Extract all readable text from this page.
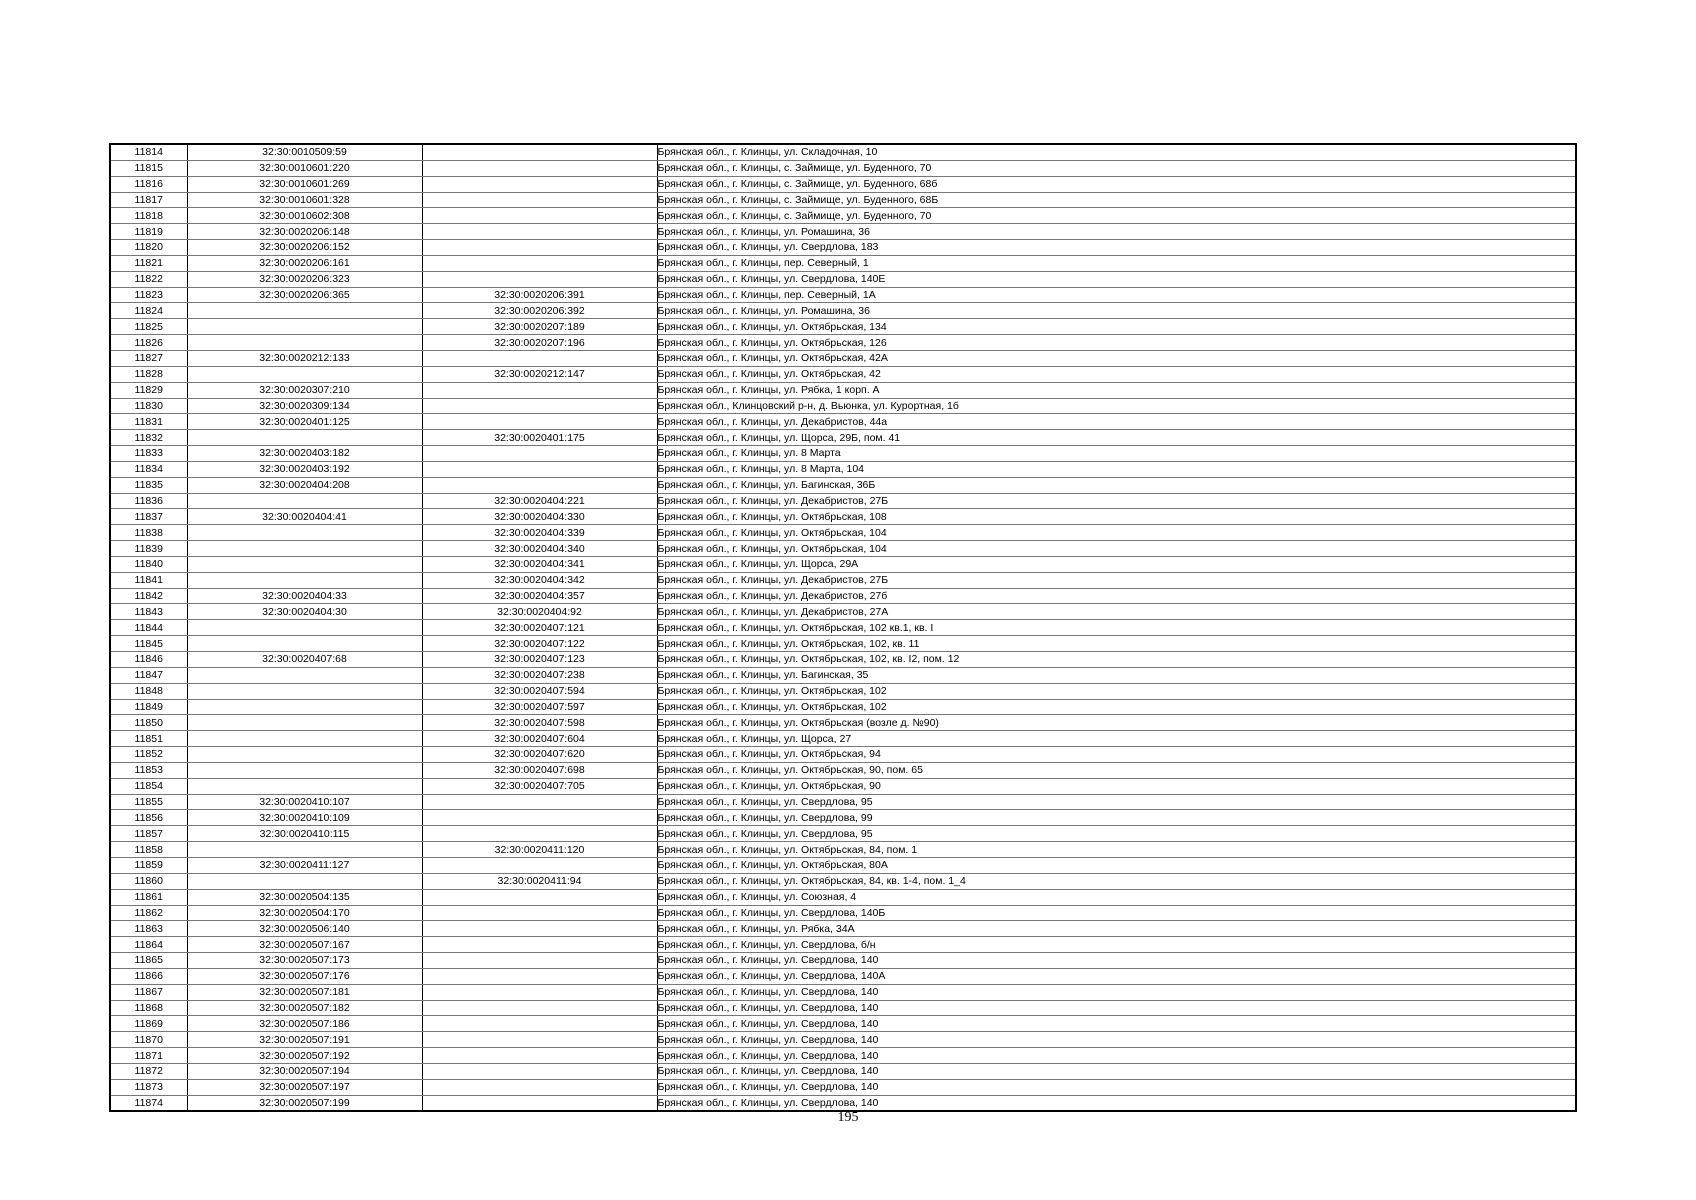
11814	32:30:0010509:59		Брянская обл., г. Клинцы, ул. Складочная, 10
11815	32:30:0010601:220		Брянская обл., г. Клинцы, с. Займище, ул. Буденного, 70
11816	32:30:0010601:269		Брянская обл., г. Клинцы, с. Займище, ул. Буденного, 68б
11817	32:30:0010601:328		Брянская обл., г. Клинцы, с. Займище, ул. Буденного, 68Б
11818	32:30:0010602:308		Брянская обл., г. Клинцы, с. Займище, ул. Буденного, 70
11819	32:30:0020206:148		Брянская обл., г. Клинцы, ул. Ромашина, 36
11820	32:30:0020206:152		Брянская обл., г. Клинцы, ул. Свердлова, 183
11821	32:30:0020206:161		Брянская обл., г. Клинцы, пер. Северный, 1
11822	32:30:0020206:323		Брянская обл., г. Клинцы, ул. Свердлова, 140Е
11823	32:30:0020206:365	32:30:0020206:391	Брянская обл., г. Клинцы, пер. Северный, 1А
11824		32:30:0020206:392	Брянская обл., г. Клинцы, ул. Ромашина, 36
11825		32:30:0020207:189	Брянская обл., г. Клинцы, ул. Октябрьская, 134
11826		32:30:0020207:196	Брянская обл., г. Клинцы, ул. Октябрьская, 126
11827	32:30:0020212:133		Брянская обл., г. Клинцы, ул. Октябрьская, 42А
11828		32:30:0020212:147	Брянская обл., г. Клинцы, ул. Октябрьская, 42
11829	32:30:0020307:210		Брянская обл., г. Клинцы, ул. Рябка, 1 корп. А
11830	32:30:0020309:134		Брянская обл., Клинцовский р-н, д. Вьюнка, ул. Курортная, 1б
11831	32:30:0020401:125		Брянская обл., г. Клинцы, ул. Декабристов, 44а
11832		32:30:0020401:175	Брянская обл., г. Клинцы, ул. Щорса, 29Б, пом. 41
11833	32:30:0020403:182		Брянская обл., г. Клинцы, ул. 8 Марта
11834	32:30:0020403:192		Брянская обл., г. Клинцы, ул. 8 Марта, 104
11835	32:30:0020404:208		Брянская обл., г. Клинцы, ул. Багинская, 36Б
11836		32:30:0020404:221	Брянская обл., г. Клинцы, ул. Декабристов, 27Б
11837	32:30:0020404:41	32:30:0020404:330	Брянская обл., г. Клинцы, ул. Октябрьская, 108
11838		32:30:0020404:339	Брянская обл., г. Клинцы, ул. Октябрьская, 104
11839		32:30:0020404:340	Брянская обл., г. Клинцы, ул. Октябрьская, 104
11840		32:30:0020404:341	Брянская обл., г. Клинцы, ул. Щорса, 29А
11841		32:30:0020404:342	Брянская обл., г. Клинцы, ул. Декабристов, 27Б
11842	32:30:0020404:33	32:30:0020404:357	Брянская обл., г. Клинцы, ул. Декабристов, 27б
11843	32:30:0020404:30	32:30:0020404:92	Брянская обл., г. Клинцы, ул. Декабристов, 27А
11844		32:30:0020407:121	Брянская обл., г. Клинцы, ул. Октябрьская, 102 кв.1, кв. I
11845		32:30:0020407:122	Брянская обл., г. Клинцы, ул. Октябрьская, 102, кв. 11
11846	32:30:0020407:68	32:30:0020407:123	Брянская обл., г. Клинцы, ул. Октябрьская, 102, кв. I2, пом. 12
11847		32:30:0020407:238	Брянская обл., г. Клинцы, ул. Багинская, 35
11848		32:30:0020407:594	Брянская обл., г. Клинцы, ул. Октябрьская, 102
11849		32:30:0020407:597	Брянская обл., г. Клинцы, ул. Октябрьская, 102
11850		32:30:0020407:598	Брянская обл., г. Клинцы, ул. Октябрьская (возле д. №90)
11851		32:30:0020407:604	Брянская обл., г. Клинцы, ул. Щорса, 27
11852		32:30:0020407:620	Брянская обл., г. Клинцы, ул. Октябрьская, 94
11853		32:30:0020407:698	Брянская обл., г. Клинцы, ул. Октябрьская, 90, пом. 65
11854		32:30:0020407:705	Брянская обл., г. Клинцы, ул. Октябрьская, 90
11855	32:30:0020410:107		Брянская обл., г. Клинцы, ул. Свердлова, 95
11856	32:30:0020410:109		Брянская обл., г. Клинцы, ул. Свердлова, 99
11857	32:30:0020410:115		Брянская обл., г. Клинцы, ул. Свердлова, 95
11858		32:30:0020411:120	Брянская обл., г. Клинцы, ул. Октябрьская, 84, пом. 1
11859	32:30:0020411:127		Брянская обл., г. Клинцы, ул. Октябрьская, 80А
11860		32:30:0020411:94	Брянская обл., г. Клинцы, ул. Октябрьская, 84, кв. 1-4, пом. 1_4
11861	32:30:0020504:135		Брянская обл., г. Клинцы, ул. Союзная, 4
11862	32:30:0020504:170		Брянская обл., г. Клинцы, ул. Свердлова, 140Б
11863	32:30:0020506:140		Брянская обл., г. Клинцы, ул. Рябка, 34А
11864	32:30:0020507:167		Брянская обл., г. Клинцы, ул. Свердлова, б/н
11865	32:30:0020507:173		Брянская обл., г. Клинцы, ул. Свердлова, 140
11866	32:30:0020507:176		Брянская обл., г. Клинцы, ул. Свердлова, 140А
11867	32:30:0020507:181		Брянская обл., г. Клинцы, ул. Свердлова, 140
11868	32:30:0020507:182		Брянская обл., г. Клинцы, ул. Свердлова, 140
11869	32:30:0020507:186		Брянская обл., г. Клинцы, ул. Свердлова, 140
11870	32:30:0020507:191		Брянская обл., г. Клинцы, ул. Свердлова, 140
11871	32:30:0020507:192		Брянская обл., г. Клинцы, ул. Свердлова, 140
11872	32:30:0020507:194		Брянская обл., г. Клинцы, ул. Свердлова, 140
11873	32:30:0020507:197		Брянская обл., г. Клинцы, ул. Свердлова, 140
11874	32:30:0020507:199		Брянская обл., г. Клинцы, ул. Свердлова, 140
195
